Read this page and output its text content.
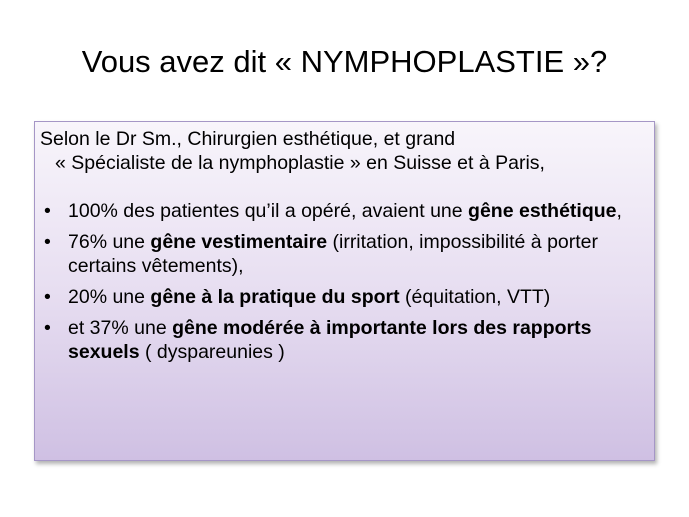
Vous avez dit « NYMPHOPLASTIE »?

Selon le Dr Sm., Chirurgien esthétique, et grand
« Spécialiste de la nymphoplastie » en Suisse et à Paris,

• 100% des patientes qu’il a opéré, avaient une gêne esthétique,
• 76% une gêne vestimentaire (irritation, impossibilité à porter certains vêtements),
• 20% une gêne à la pratique du sport (équitation, VTT)
• et 37% une gêne modérée à importante lors des rapports sexuels ( dyspareunies )
